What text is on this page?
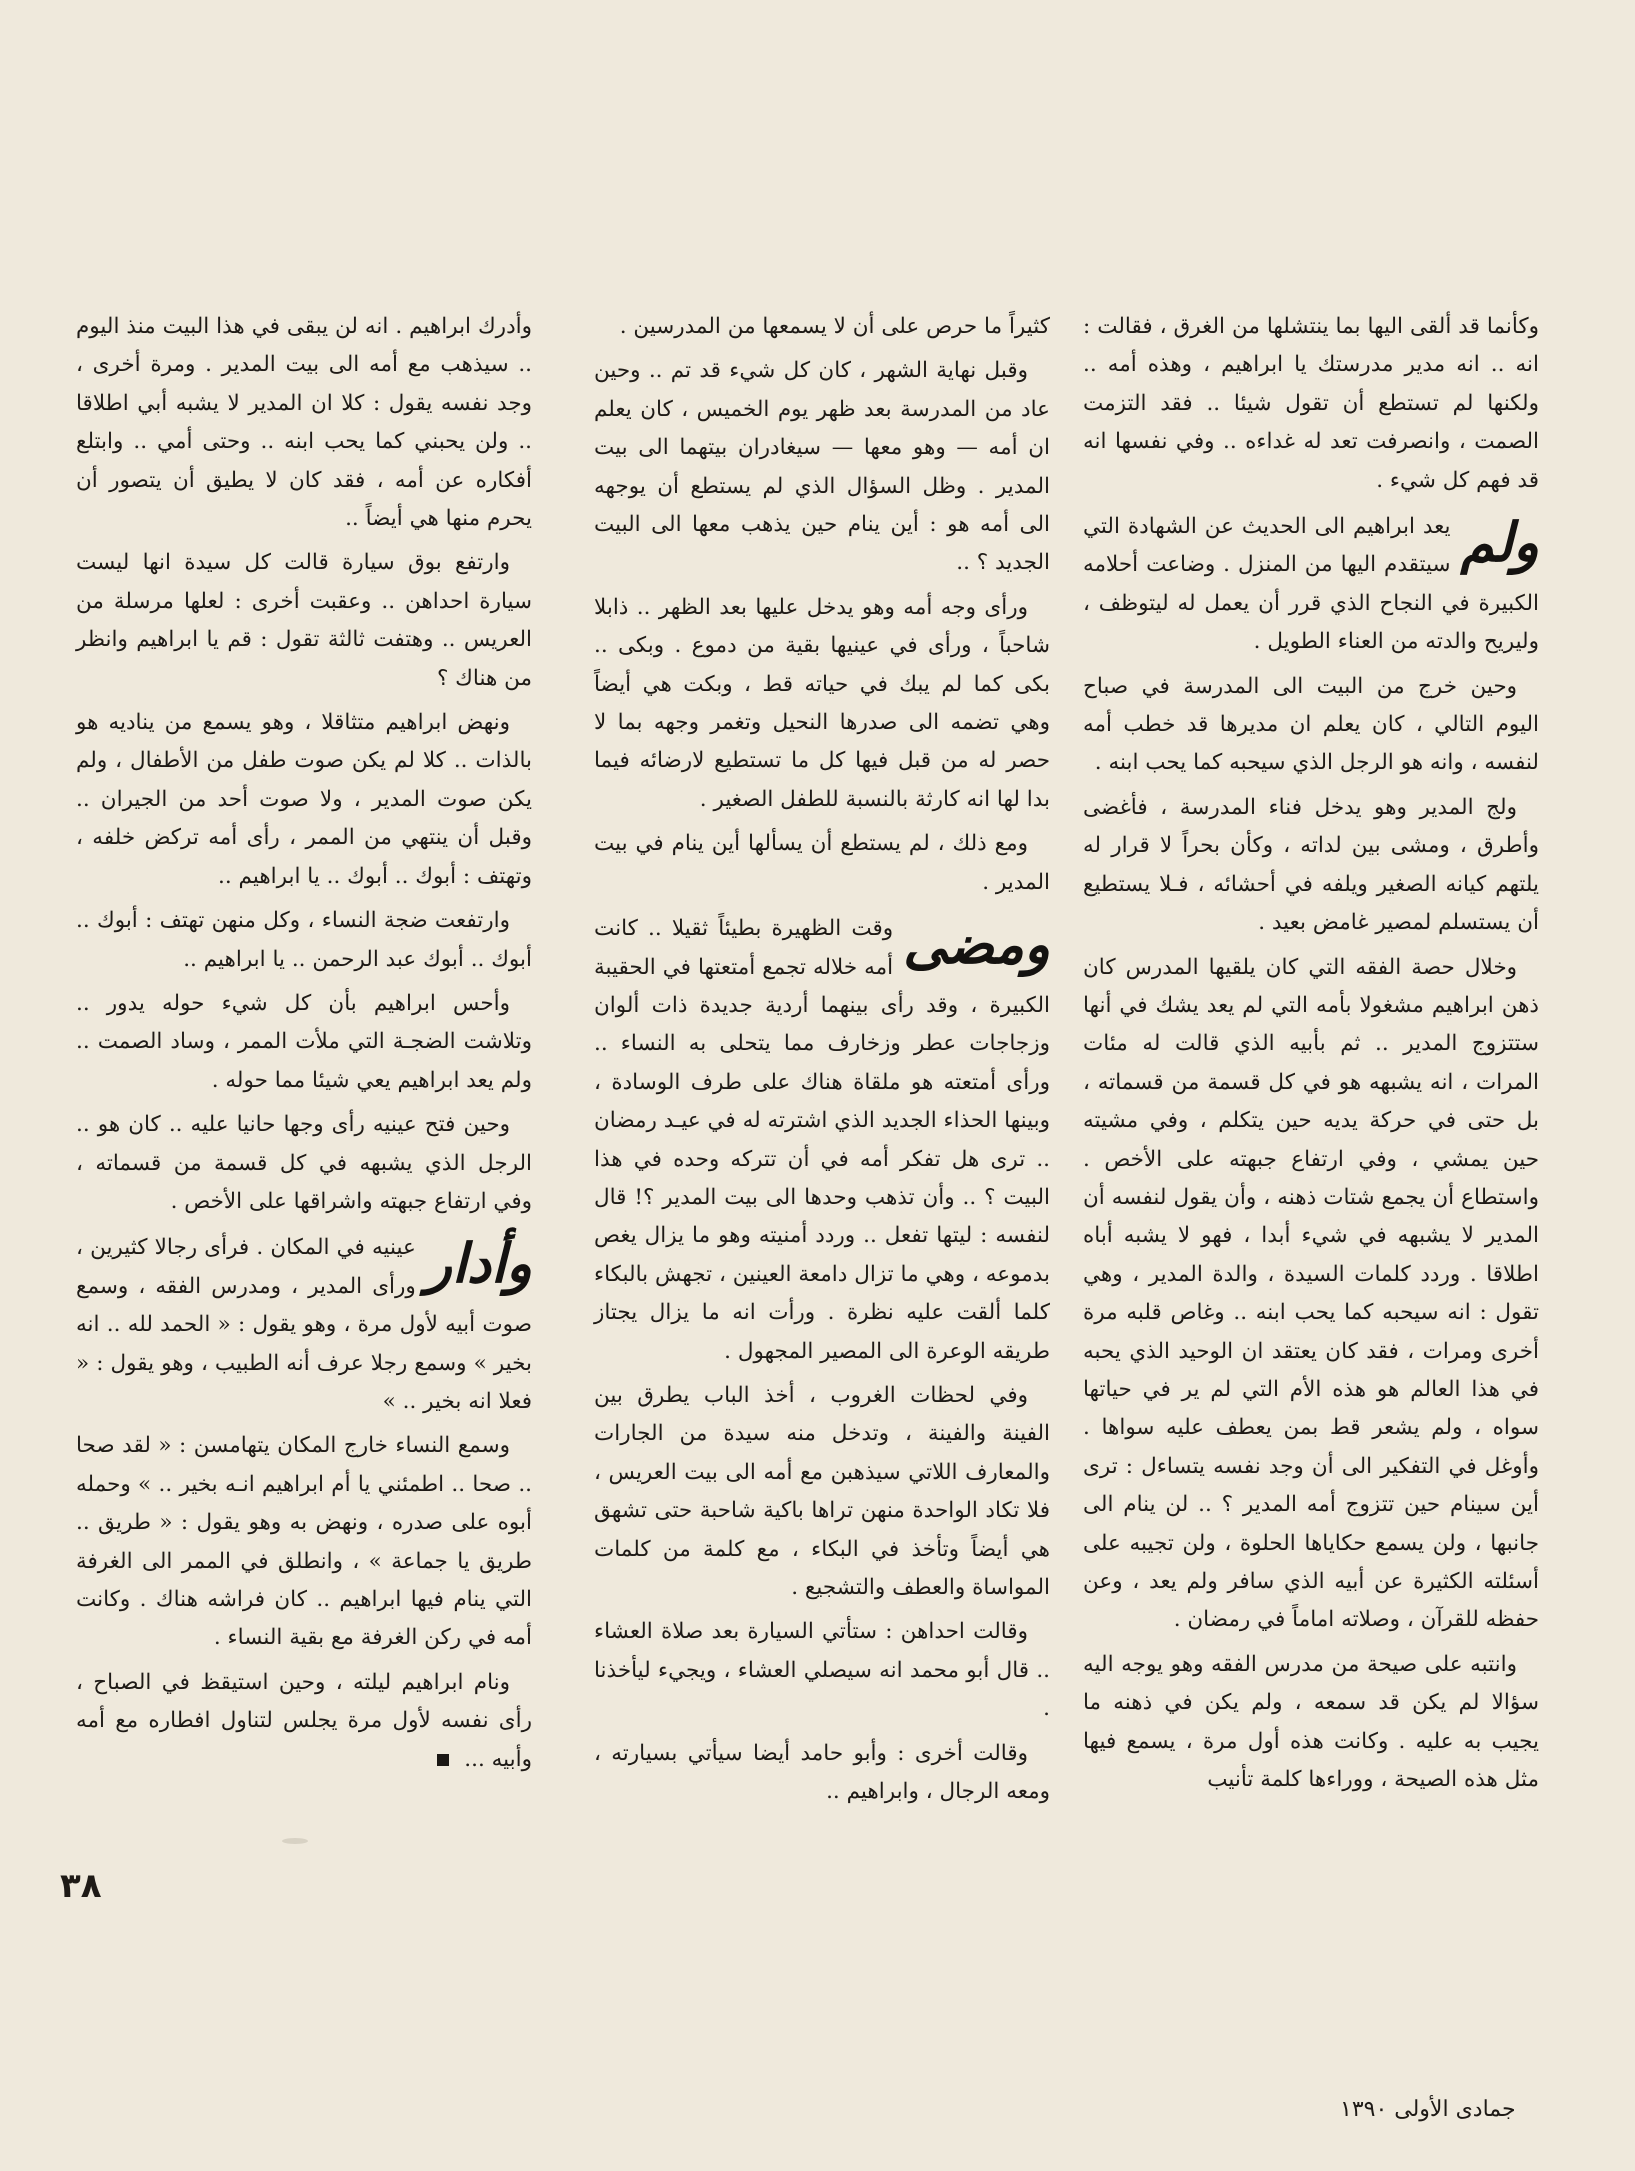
وكأنما قد ألقى اليها بما ينتشلها من الغرق ، فقالت : انه .. انه مدير مدرستك يا ابراهيم ، وهذه أمه .. ولكنها لم تستطع أن تقول شيئا .. فقد التزمت الصمت ، وانصرفت تعد له غداءه .. وفي نفسها انه قد فهم كل شيء .

ولم
يعد ابراهيم الى الحديث عن الشهادة التي سيتقدم اليها من المنزل . وضاعت أحلامه الكبيرة في النجاح الذي قرر أن يعمل له ليتوظف ، وليريح والدته من العناء الطويل .

وحين خرج من البيت الى المدرسة في صباح اليوم التالي ، كان يعلم ان مديرها قد خطب أمه لنفسه ، وانه هو الرجل الذي سيحبه كما يحب ابنه .

ولج المدير وهو يدخل فناء المدرسة ، فأغضى وأطرق ، ومشى بين لداته ، وكأن بحراً لا قرار له يلتهم كيانه الصغير ويلفه في أحشائه ، فـلا يستطيع أن يستسلم لمصير غامض بعيد .

وخلال حصة الفقه التي كان يلقيها المدرس كان ذهن ابراهيم مشغولا بأمه التي لم يعد يشك في أنها ستتزوج المدير .. ثم بأبيه الذي قالت له مئات المرات ، انه يشبهه هو في كل قسمة من قسماته ، بل حتى في حركة يديه حين يتكلم ، وفي مشيته حين يمشي ، وفي ارتفاع جبهته على الأخص . واستطاع أن يجمع شتات ذهنه ، وأن يقول لنفسه أن المدير لا يشبهه في شيء أبدا ، فهو لا يشبه أباه اطلاقا . وردد كلمات السيدة ، والدة المدير ، وهي تقول : انه سيحبه كما يحب ابنه .. وغاص قلبه مرة أخرى ومرات ، فقد كان يعتقد ان الوحيد الذي يحبه في هذا العالم هو هذه الأم التي لم ير في حياتها سواه ، ولم يشعر قط بمن يعطف عليه سواها . وأوغل في التفكير الى أن وجد نفسه يتساءل : ترى أين سينام حين تتزوج أمه المدير ؟ .. لن ينام الى جانبها ، ولن يسمع حكاياها الحلوة ، ولن تجيبه على أسئلته الكثيرة عن أبيه الذي سافر ولم يعد ، وعن حفظه للقرآن ، وصلاته اماماً في رمضان .

وانتبه على صيحة من مدرس الفقه وهو يوجه اليه سؤالا لم يكن قد سمعه ، ولم يكن في ذهنه ما يجيب به عليه . وكانت هذه أول مرة ، يسمع فيها مثل هذه الصيحة ، ووراءها كلمة تأنيب

كثيراً ما حرص على أن لا يسمعها من المدرسين .

وقبل نهاية الشهر ، كان كل شيء قد تم .. وحين عاد من المدرسة بعد ظهر يوم الخميس ، كان يعلم ان أمه — وهو معها — سيغادران بيتهما الى بيت المدير . وظل السؤال الذي لم يستطع أن يوجهه الى أمه هو : أين ينام حين يذهب معها الى البيت الجديد ؟ ..

ورأى وجه أمه وهو يدخل عليها بعد الظهر .. ذابلا شاحباً ، ورأى في عينيها بقية من دموع . وبكى .. بكى كما لم يبك في حياته قط ، وبكت هي أيضاً وهي تضمه الى صدرها النحيل وتغمر وجهه بما لا حصر له من قبل فيها كل ما تستطيع لارضائه فيما بدا لها انه كارثة بالنسبة للطفل الصغير .

ومع ذلك ، لم يستطع أن يسألها أين ينام في بيت المدير .

ومضى
وقت الظهيرة بطيئاً ثقيلا .. كانت أمه خلاله تجمع أمتعتها في الحقيبة الكبيرة ، وقد رأى بينهما أردية جديدة ذات ألوان وزجاجات عطر وزخارف مما يتحلى به النساء .. ورأى أمتعته هو ملقاة هناك على طرف الوسادة ، وبينها الحذاء الجديد الذي اشترته له في عيـد رمضان .. ترى هل تفكر أمه في أن تتركه وحده في هذا البيت ؟ .. وأن تذهب وحدها الى بيت المدير ؟! قال لنفسه : ليتها تفعل .. وردد أمنيته وهو ما يزال يغص بدموعه ، وهي ما تزال دامعة العينين ، تجهش بالبكاء كلما ألقت عليه نظرة . ورأت انه ما يزال يجتاز طريقه الوعرة الى المصير المجهول .

وفي لحظات الغروب ، أخذ الباب يطرق بين الفينة والفينة ، وتدخل منه سيدة من الجارات والمعارف اللاتي سيذهبن مع أمه الى بيت العريس ، فلا تكاد الواحدة منهن تراها باكية شاحبة حتى تشهق هي أيضاً وتأخذ في البكاء ، مع كلمة من كلمات المواساة والعطف والتشجيع .

وقالت احداهن : ستأتي السيارة بعد صلاة العشاء .. قال أبو محمد انه سيصلي العشاء ، ويجيء ليأخذنا .

وقالت أخرى : وأبو حامد أيضا سيأتي بسيارته ، ومعه الرجال ، وابراهيم ..

وأدرك ابراهيم . انه لن يبقى في هذا البيت منذ اليوم .. سيذهب مع أمه الى بيت المدير . ومرة أخرى ، وجد نفسه يقول : كلا ان المدير لا يشبه أبي اطلاقا .. ولن يحبني كما يحب ابنه .. وحتى أمي .. وابتلع أفكاره عن أمه ، فقد كان لا يطيق أن يتصور أن يحرم منها هي أيضاً ..

وارتفع بوق سيارة قالت كل سيدة انها ليست سيارة احداهن .. وعقبت أخرى : لعلها مرسلة من العريس .. وهتفت ثالثة تقول : قم يا ابراهيم وانظر من هناك ؟

ونهض ابراهيم متثاقلا ، وهو يسمع من يناديه هو بالذات .. كلا لم يكن صوت طفل من الأطفال ، ولم يكن صوت المدير ، ولا صوت أحد من الجيران .. وقبل أن ينتهي من الممر ، رأى أمه تركض خلفه ، وتهتف : أبوك .. أبوك .. يا ابراهيم ..

وارتفعت ضجة النساء ، وكل منهن تهتف : أبوك .. أبوك .. أبوك عبد الرحمن .. يا ابراهيم ..

وأحس ابراهيم بأن كل شيء حوله يدور .. وتلاشت الضجـة التي ملأت الممر ، وساد الصمت .. ولم يعد ابراهيم يعي شيئا مما حوله .

وحين فتح عينيه رأى وجها حانيا عليه .. كان هو .. الرجل الذي يشبهه في كل قسمة من قسماته ، وفي ارتفاع جبهته واشراقها على الأخص .

وأدار
عينيه في المكان . فرأى رجالا كثيرين ، ورأى المدير ، ومدرس الفقه ، وسمع صوت أبيه لأول مرة ، وهو يقول : « الحمد لله .. انه بخير » وسمع رجلا عرف أنه الطبيب ، وهو يقول : « فعلا انه بخير .. »

وسمع النساء خارج المكان يتهامسن : « لقد صحا .. صحا .. اطمئني يا أم ابراهيم انـه بخير .. » وحمله أبوه على صدره ، ونهض به وهو يقول : « طريق .. طريق يا جماعة » ، وانطلق في الممر الى الغرفة التي ينام فيها ابراهيم .. كان فراشه هناك . وكانت أمه في ركن الغرفة مع بقية النساء .

ونام ابراهيم ليلته ، وحين استيقظ في الصباح ، رأى نفسه لأول مرة يجلس لتناول افطاره مع أمه وأبيه ...

٣٨
جمادى الأولى ١٣٩٠
